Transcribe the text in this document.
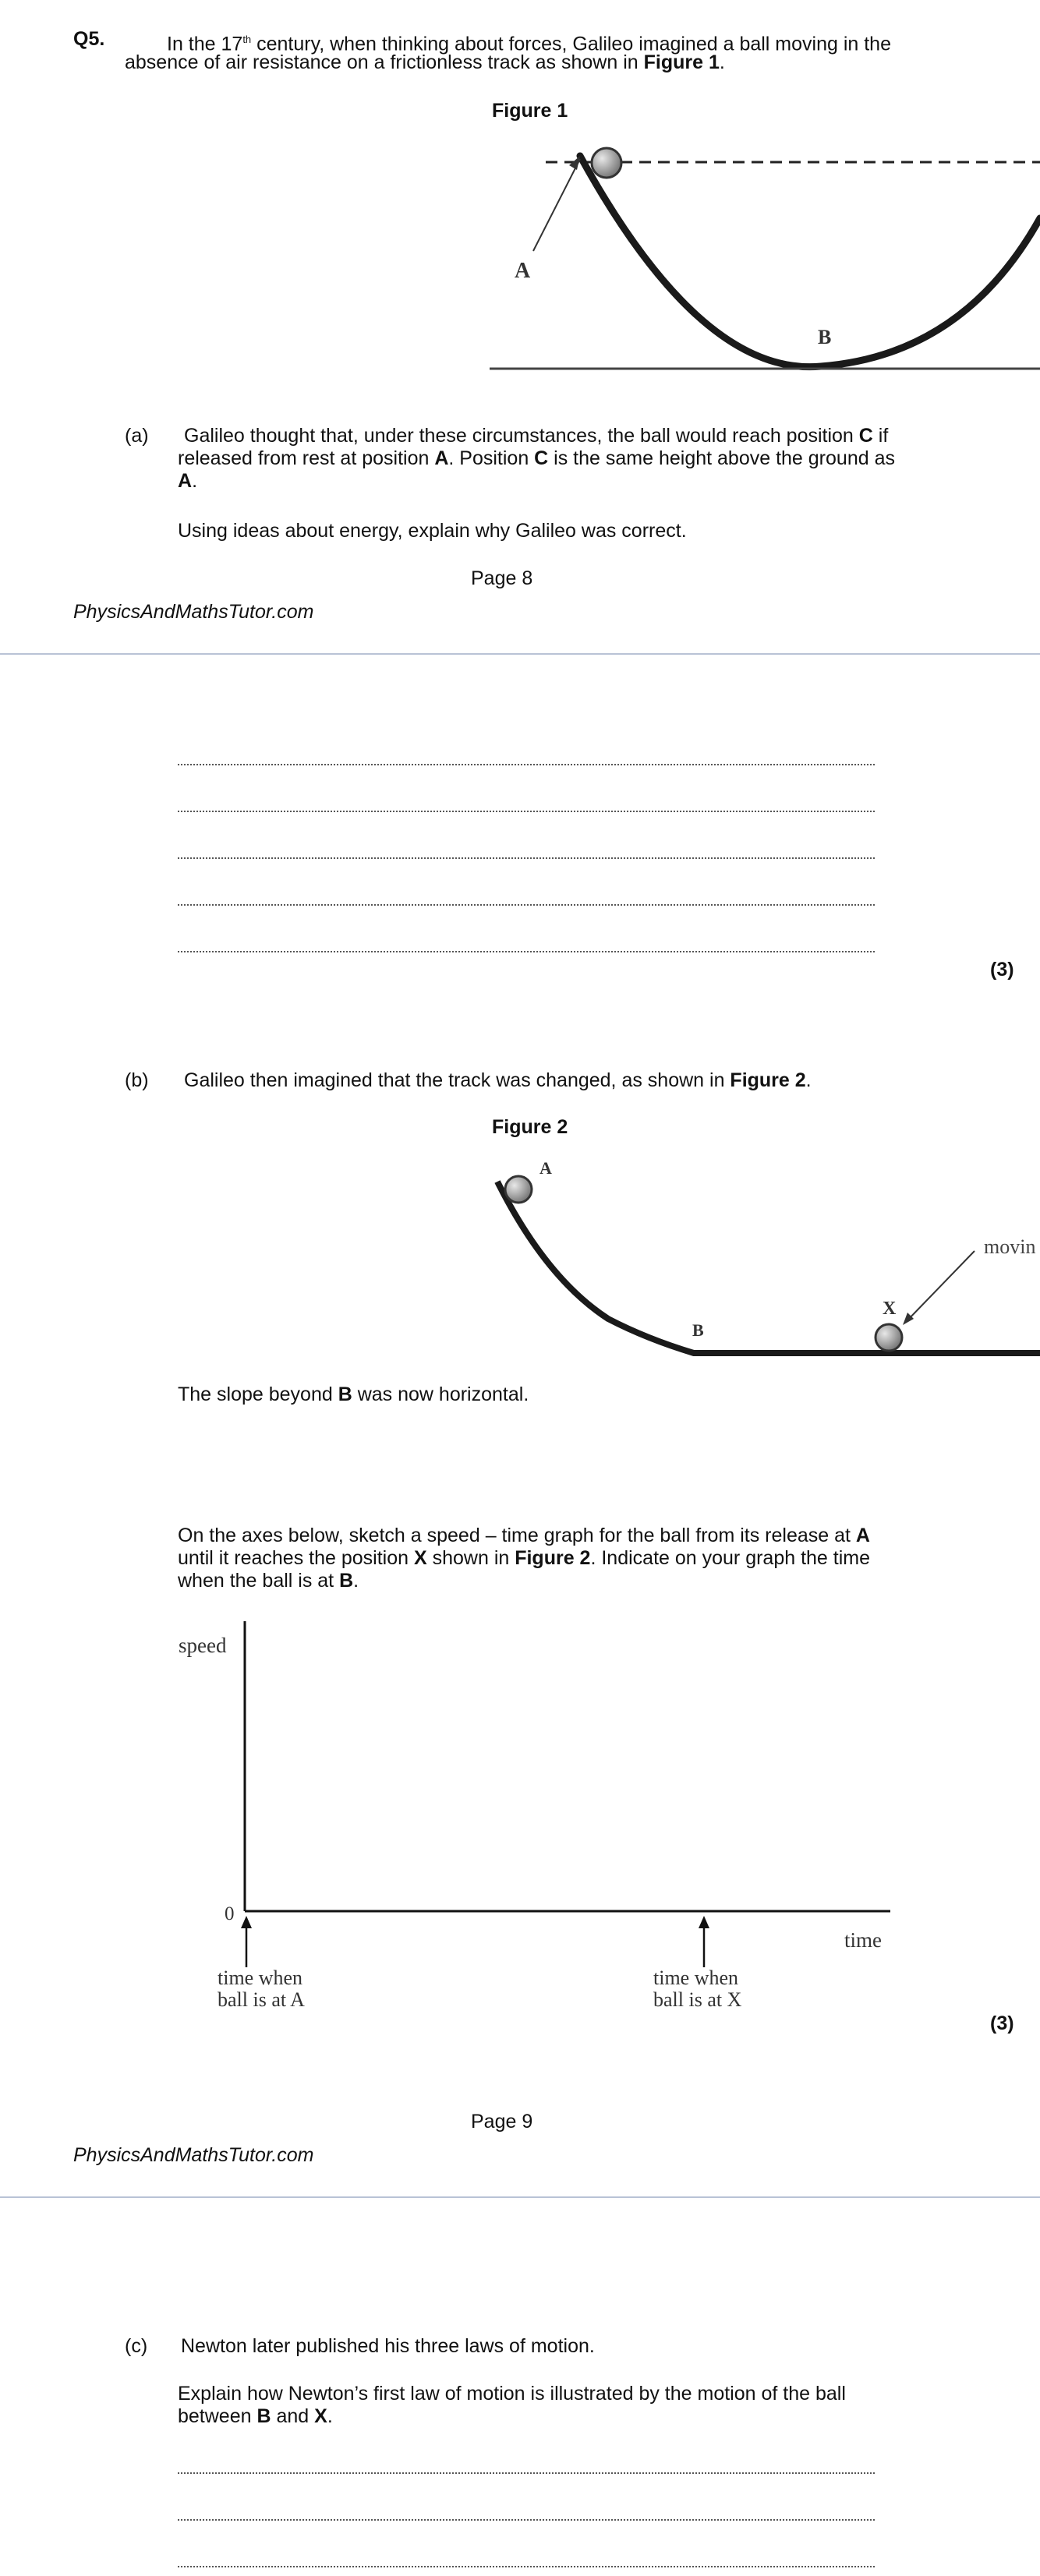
Q5.	In the 17th century, when thinking about forces, Galileo imagined a ball moving in the
absence of air resistance on a frictionless track as shown in Figure 1.
Figure 1
A
B
(a) Galileo thought that, under these circumstances, the ball would reach position C if
released from rest at position A. Position C is the same height above the ground as
A.
Using ideas about energy, explain why Galileo was correct.
Page 8
PhysicsAndMathsTutor.com
(3)
(b) Galileo then imagined that the track was changed, as shown in Figure 2.
Figure 2
A
B
X
movin
The slope beyond B was now horizontal.
On the axes below, sketch a speed – time graph for the ball from its release at A
until it reaches the position X shown in Figure 2. Indicate on your graph the time
when the ball is at B.
speed
0
time
time when
ball is at A
time when
ball is at X
(3)
Page 9
PhysicsAndMathsTutor.com
(c) Newton later published his three laws of motion.
Explain how Newton’s first law of motion is illustrated by the motion of the ball
between B and X.
